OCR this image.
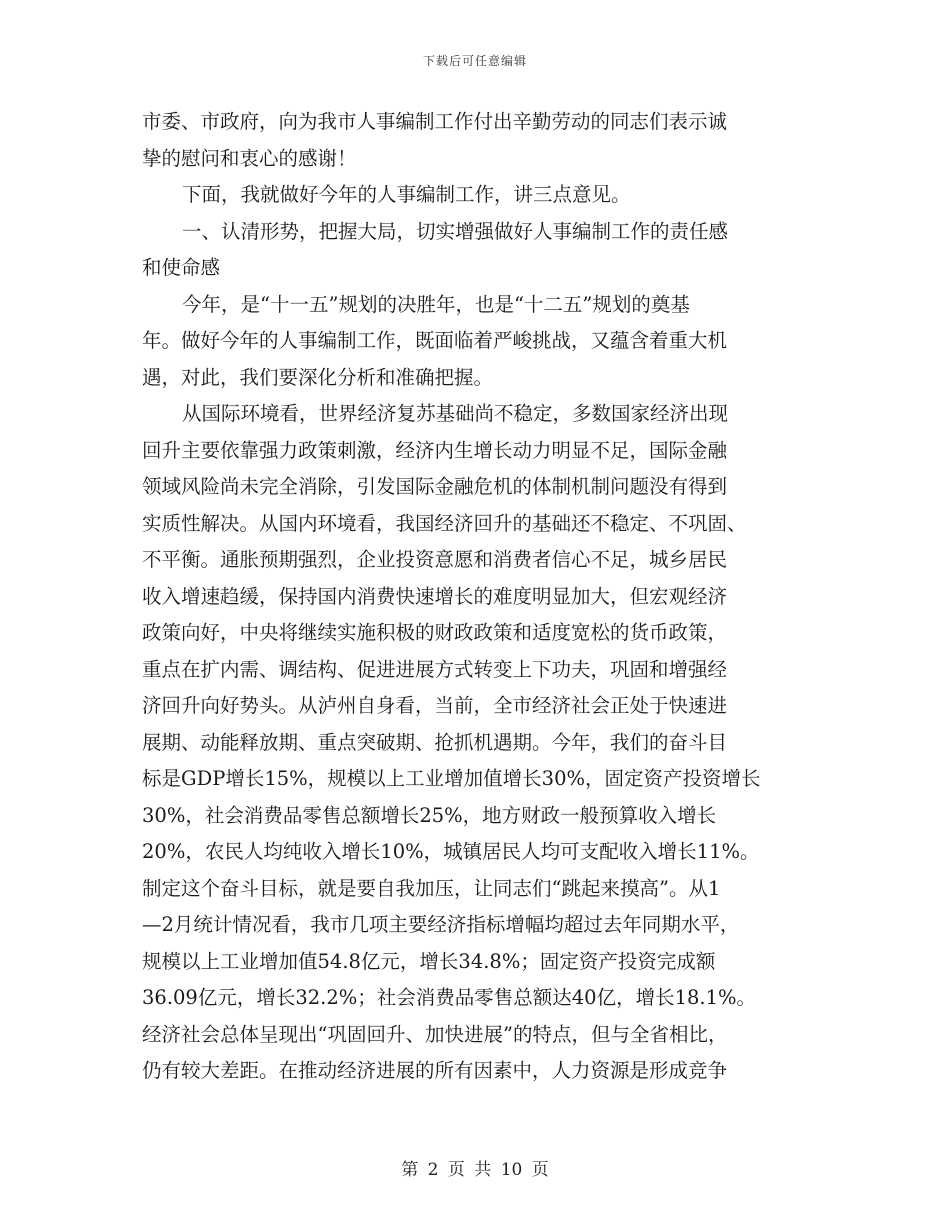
下载后可任意编辑
市委、市政府，向为我市人事编制工作付出辛勤劳动的同志们表示诚
挚的慰问和衷心的感谢！
下面，我就做好今年的人事编制工作，讲三点意见。
一、认清形势，把握大局，切实增强做好人事编制工作的责任感
和使命感
今年，是“十一五”规划的决胜年，也是“十二五”规划的奠基
年。做好今年的人事编制工作，既面临着严峻挑战，又蕴含着重大机
遇，对此，我们要深化分析和准确把握。
从国际环境看，世界经济复苏基础尚不稳定，多数国家经济出现
回升主要依靠强力政策刺激，经济内生增长动力明显不足，国际金融
领域风险尚未完全消除，引发国际金融危机的体制机制问题没有得到
实质性解决。从国内环境看，我国经济回升的基础还不稳定、不巩固、
不平衡。通胀预期强烈，企业投资意愿和消费者信心不足，城乡居民
收入增速趋缓，保持国内消费快速增长的难度明显加大，但宏观经济
政策向好，中央将继续实施积极的财政政策和适度宽松的货币政策，
重点在扩内需、调结构、促进进展方式转变上下功夫，巩固和增强经
济回升向好势头。从泸州自身看，当前，全市经济社会正处于快速进
展期、动能释放期、重点突破期、抢抓机遇期。今年，我们的奋斗目
标是GDP增长15%，规模以上工业增加值增长30%，固定资产投资增长
30%，社会消费品零售总额增长25%，地方财政一般预算收入增长
20%，农民人均纯收入增长10%，城镇居民人均可支配收入增长11%。
制定这个奋斗目标，就是要自我加压，让同志们“跳起来摸高”。从1
—2月统计情况看，我市几项主要经济指标增幅均超过去年同期水平，
规模以上工业增加值54.8亿元，增长34.8%；固定资产投资完成额
36.09亿元，增长32.2%；社会消费品零售总额达40亿，增长18.1%。
经济社会总体呈现出“巩固回升、加快进展”的特点，但与全省相比，
仍有较大差距。在推动经济进展的所有因素中，人力资源是形成竞争
第 2 页 共 10 页
